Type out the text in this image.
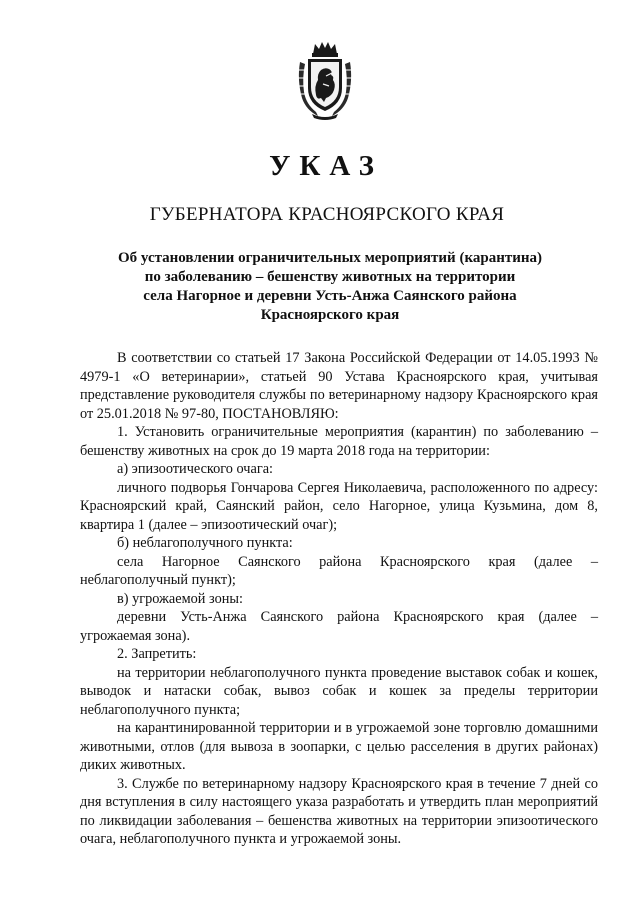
УКАЗ
ГУБЕРНАТОРА КРАСНОЯРСКОГО КРАЯ

Об установлении ограничительных мероприятий (карантина)
по заболеванию – бешенству животных на территории
села Нагорное и деревни Усть-Анжа Саянского района
Красноярского края

В соответствии со статьей 17 Закона Российской Федерации от 14.05.1993 № 4979-1 «О ветеринарии», статьей 90 Устава Красноярского края, учитывая представление руководителя службы по ветеринарному надзору Красноярского края от 25.01.2018 № 97-80, ПОСТАНОВЛЯЮ:

1. Установить ограничительные мероприятия (карантин) по заболеванию – бешенству животных на срок до 19 марта 2018 года на территории:

а) эпизоотического очага:

личного подворья Гончарова Сергея Николаевича, расположенного по адресу: Красноярский край, Саянский район, село Нагорное, улица Кузьмина, дом 8, квартира 1 (далее – эпизоотический очаг);

б) неблагополучного пункта:

села Нагорное Саянского района Красноярского края (далее – неблагополучный пункт);

в) угрожаемой зоны:

деревни Усть-Анжа Саянского района Красноярского края (далее – угрожаемая зона).

2. Запретить:

на территории неблагополучного пункта проведение выставок собак и кошек, выводок и натаски собак, вывоз собак и кошек за пределы территории неблагополучного пункта;

на карантинированной территории и в угрожаемой зоне торговлю домашними животными, отлов (для вывоза в зоопарки, с целью расселения в других районах) диких животных.

3. Службе по ветеринарному надзору Красноярского края в течение 7 дней со дня вступления в силу настоящего указа разработать и утвердить план мероприятий по ликвидации заболевания – бешенства животных на территории эпизоотического очага, неблагополучного пункта и угрожаемой зоны.
